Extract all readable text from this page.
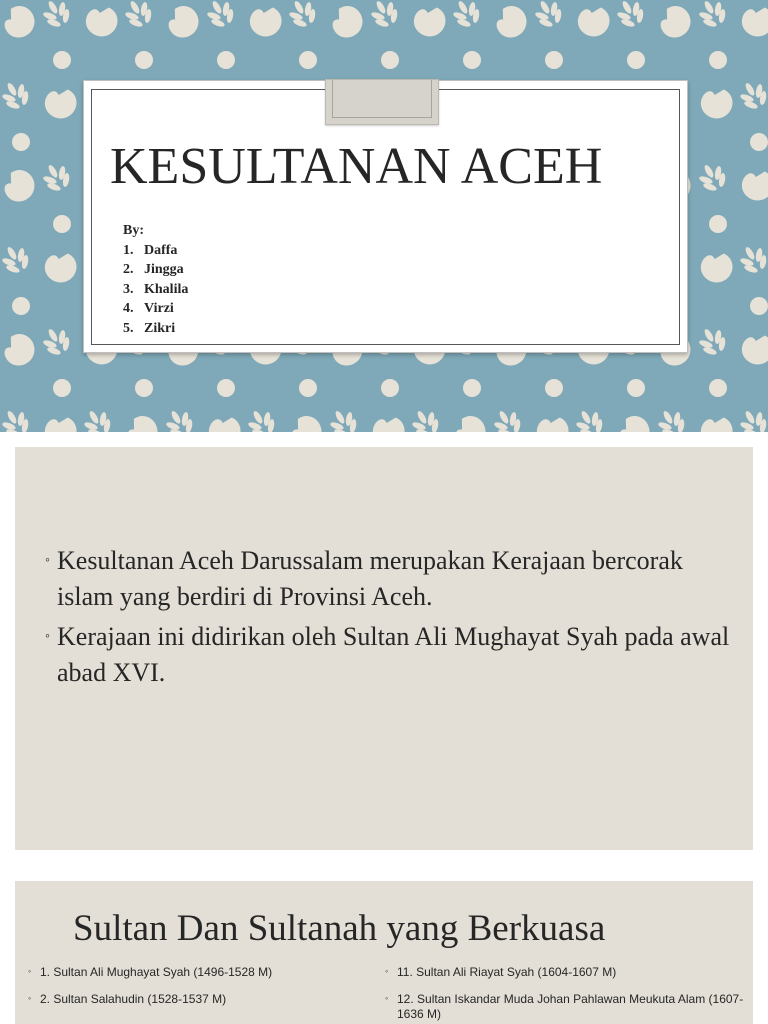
KESULTANAN ACEH
By:
1. Daffa
2. Jingga
3. Khalila
4. Virzi
5. Zikri
◦ Kesultanan Aceh Darussalam merupakan Kerajaan bercorak islam yang berdiri di Provinsi Aceh.
◦ Kerajaan ini didirikan oleh Sultan Ali Mughayat Syah pada awal abad XVI.
Sultan Dan Sultanah yang Berkuasa
◦ 1. Sultan Ali Mughayat Syah (1496-1528 M)
◦ 2. Sultan Salahudin (1528-1537 M)
◦ 11. Sultan Ali Riayat Syah (1604-1607 M)
◦ 12. Sultan Iskandar Muda Johan Pahlawan Meukuta Alam (1607-1636 M)
